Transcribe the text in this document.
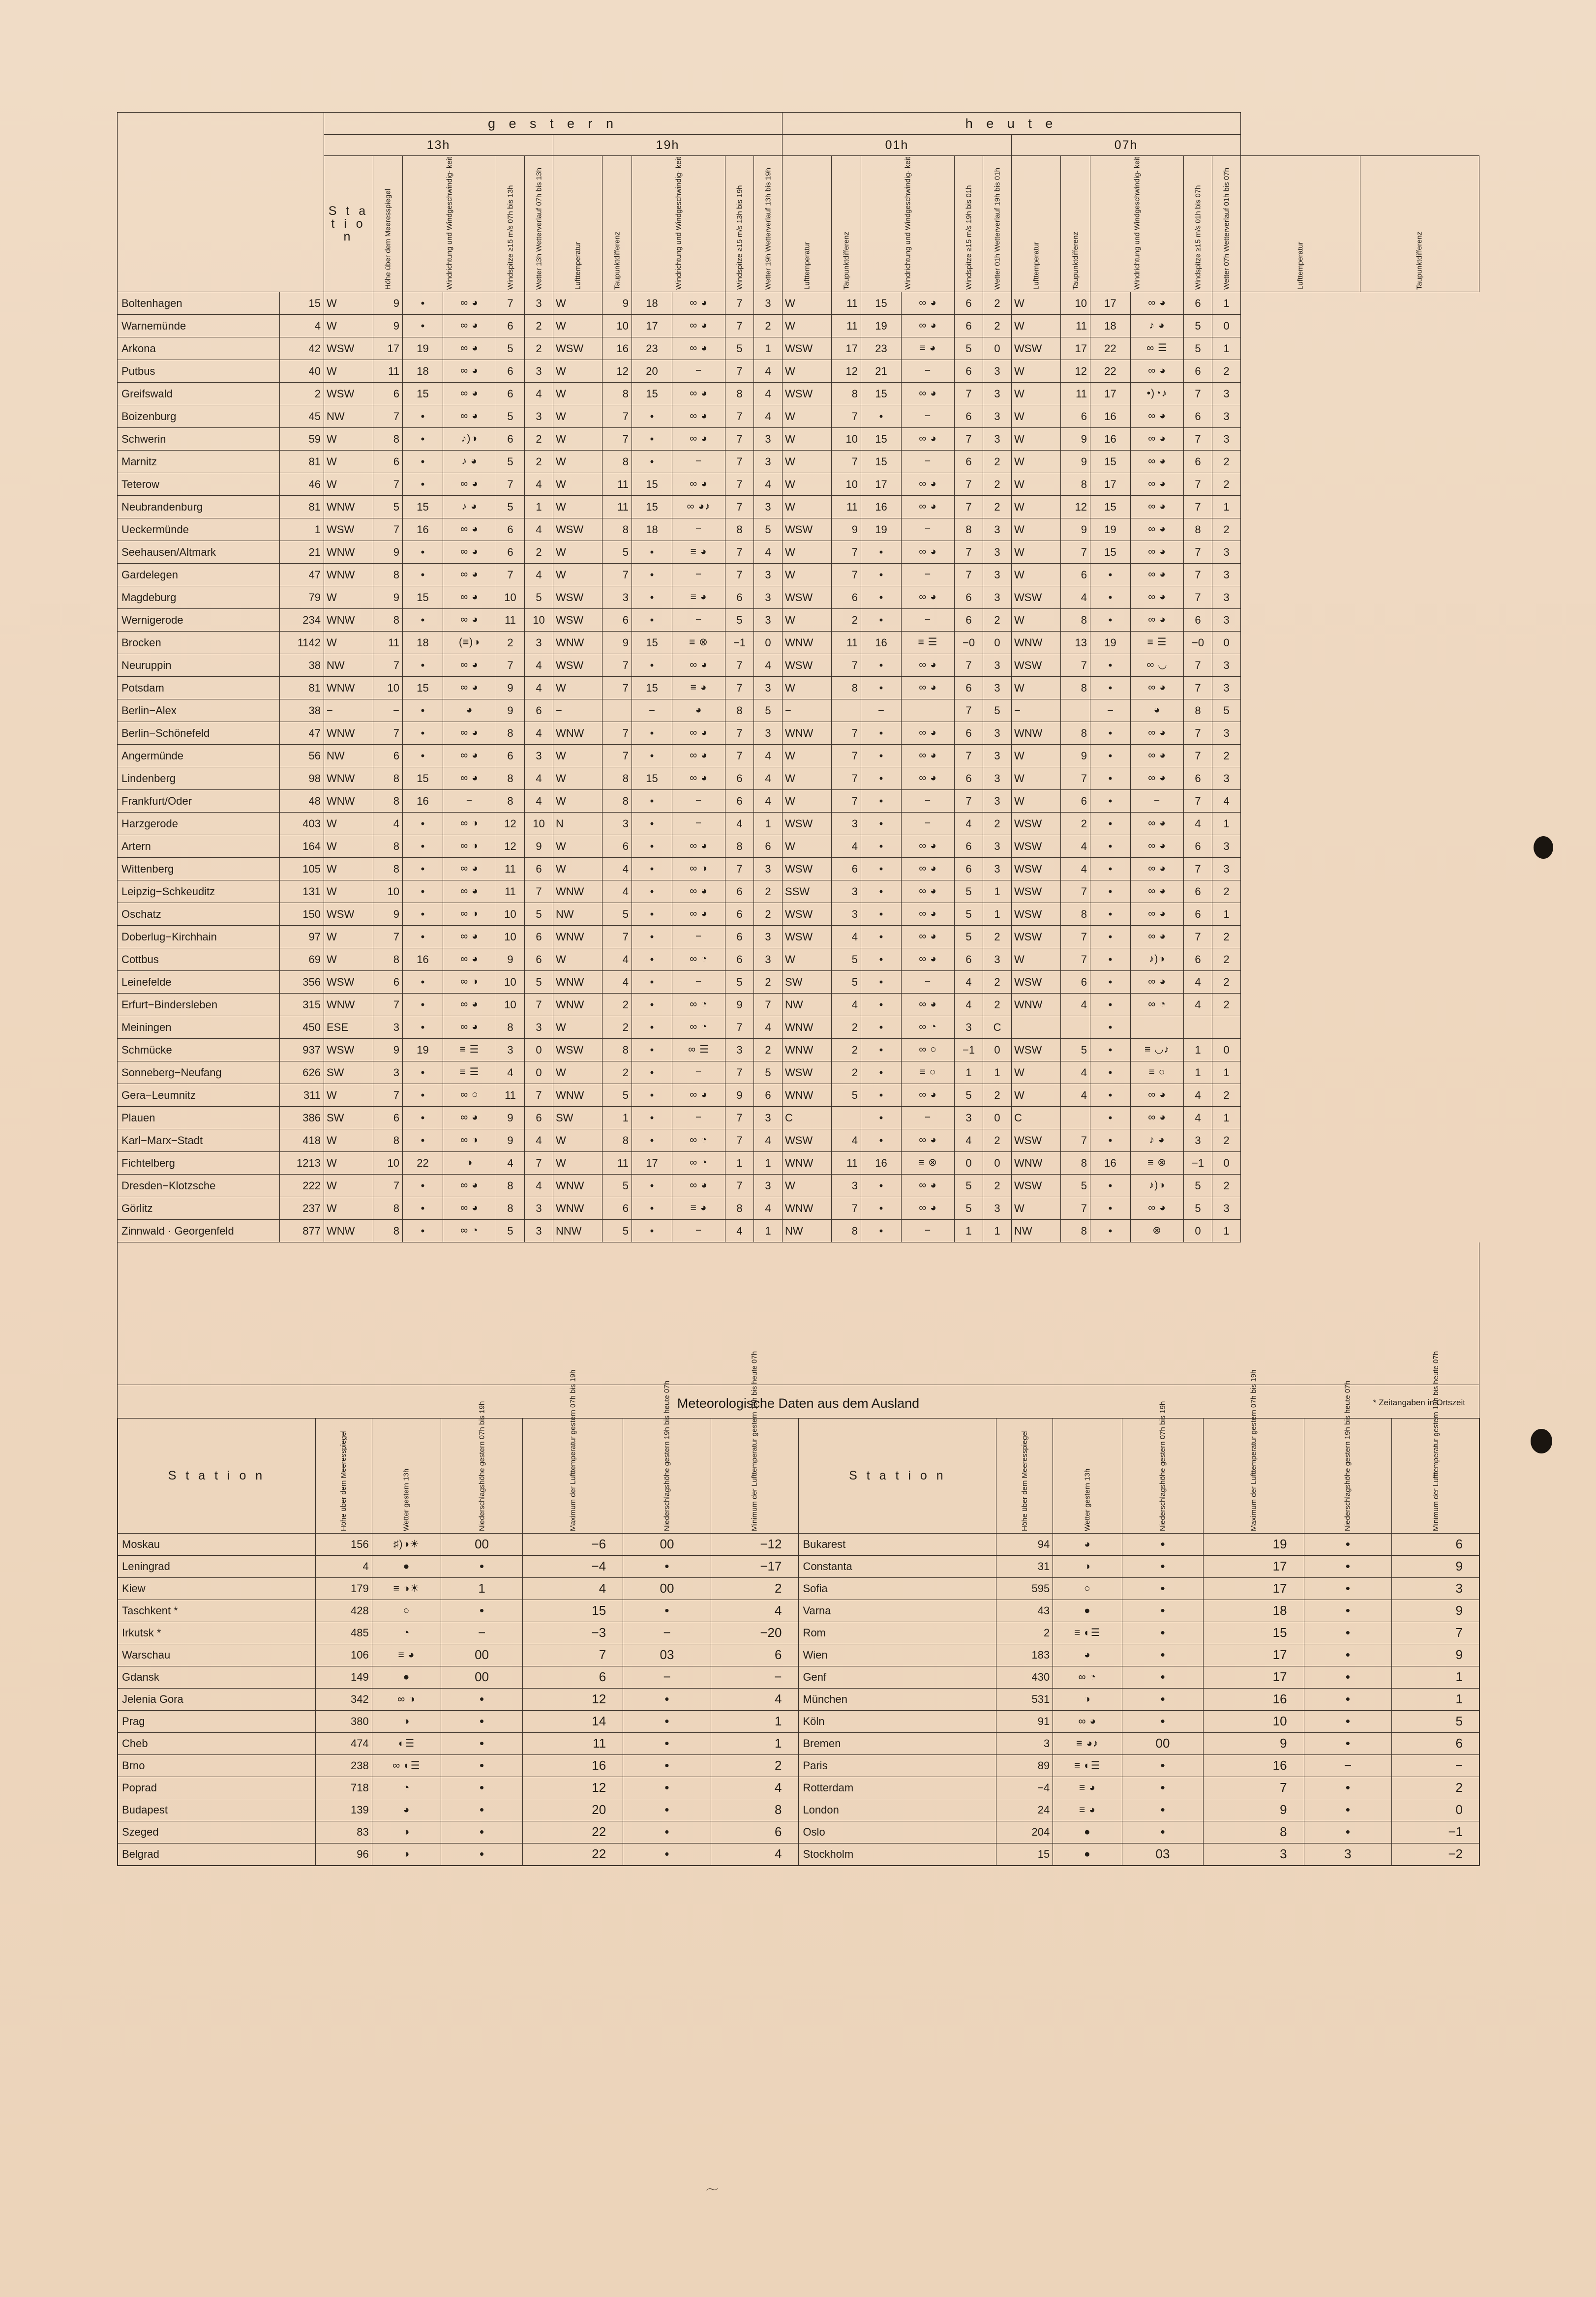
〜
		g e s t e r n												h e u t e													
		13h						19h						01h						07h							
		S t a t i o n	Höhe über dem Meeresspiegel	Windrichtung und Windgeschwindig- keit		Windspitze ≥15 m/s 07h bis 13h	Wetter 13h Wetterverlauf 07h bis 13h	Lufttemperatur	Taupunktdifferenz	Windrichtung und Windgeschwindig- keit		Windspitze ≥15 m/s 13h bis 19h	Wetter 19h Wetterverlauf 13h bis 19h	Lufttemperatur	Taupunktdifferenz	Windrichtung und Windgeschwindig- keit		Windspitze ≥15 m/s 19h bis 01h	Wetter 01h Wetterverlauf 19h bis 01h	Lufttemperatur	Taupunktdifferenz	Windrichtung und Windgeschwindig- keit		Windspitze ≥15 m/s 01h bis 07h	Wetter 07h Wetterverlauf 01h bis 07h	Lufttemperatur	Taupunktdifferenz

Boltenhagen	15	W	9	•	∞ ◕	7	3	W	9	18	∞ ◕	7	3	W	11	15	∞ ◕	6	2	W	10	17	∞ ◕	6	1		
Warnemünde	4	W	9	•	∞ ◕	6	2	W	10	17	∞ ◕	7	2	W	11	19	∞ ◕	6	2	W	11	18	♪ ◕	5	0		
Arkona	42	WSW	17	19	∞ ◕	5	2	WSW	16	23	∞ ◕	5	1	WSW	17	23	≡ ◕	5	0	WSW	17	22	∞ ☰	5	1		
Putbus	40	W	11	18	∞ ◕	6	3	W	12	20	−	7	4	W	12	21	−	6	3	W	12	22	∞ ◕	6	2		
Greifswald	2	WSW	6	15	∞ ◕	6	4	W	8	15	∞ ◕	8	4	WSW	8	15	∞ ◕	7	3	W	11	17	•)◔♪	7	3		
Boizenburg	45	NW	7	•	∞ ◕	5	3	W	7	•	∞ ◕	7	4	W	7	•	−	6	3	W	6	16	∞ ◕	6	3		
Schwerin	59	W	8	•	♪)◑	6	2	W	7	•	∞ ◕	7	3	W	10	15	∞ ◕	7	3	W	9	16	∞ ◕	7	3		
Marnitz	81	W	6	•	♪ ◕	5	2	W	8	•	−	7	3	W	7	15	−	6	2	W	9	15	∞ ◕	6	2		
Teterow	46	W	7	•	∞ ◕	7	4	W	11	15	∞ ◕	7	4	W	10	17	∞ ◕	7	2	W	8	17	∞ ◕	7	2		
Neubrandenburg	81	WNW	5	15	♪ ◕	5	1	W	11	15	∞ ◕♪	7	3	W	11	16	∞ ◕	7	2	W	12	15	∞ ◕	7	1		
Ueckermünde	1	WSW	7	16	∞ ◕	6	4	WSW	8	18	−	8	5	WSW	9	19	−	8	3	W	9	19	∞ ◕	8	2		
Seehausen/Altmark	21	WNW	9	•	∞ ◕	6	2	W	5	•	≡ ◕	7	4	W	7	•	∞ ◕	7	3	W	7	15	∞ ◕	7	3		
Gardelegen	47	WNW	8	•	∞ ◕	7	4	W	7	•	−	7	3	W	7	•	−	7	3	W	6	•	∞ ◕	7	3		
Magdeburg	79	W	9	15	∞ ◕	10	5	WSW	3	•	≡ ◕	6	3	WSW	6	•	∞ ◕	6	3	WSW	4	•	∞ ◕	7	3		
Wernigerode	234	WNW	8	•	∞ ◕	11	10	WSW	6	•	−	5	3	W	2	•	−	6	2	W	8	•	∞ ◕	6	3		
Brocken	1142	W	11	18	(≡)◑	2	3	WNW	9	15	≡ ⊗	−1	0	WNW	11	16	≡ ☰	−0	0	WNW	13	19	≡ ☰	−0	0		
Neuruppin	38	NW	7	•	∞ ◕	7	4	WSW	7	•	∞ ◕	7	4	WSW	7	•	∞ ◕	7	3	WSW	7	•	∞ ◡	7	3		
Potsdam	81	WNW	10	15	∞ ◕	9	4	W	7	15	≡ ◕	7	3	W	8	•	∞ ◕	6	3	W	8	•	∞ ◕	7	3		
Berlin−Alex	38	−	−	•	◕	9	6	−		−	◕	8	5	−		−		7	5	−		−	◕	8	5		
Berlin−Schönefeld	47	WNW	7	•	∞ ◕	8	4	WNW	7	•	∞ ◕	7	3	WNW	7	•	∞ ◕	6	3	WNW	8	•	∞ ◕	7	3		
Angermünde	56	NW	6	•	∞ ◕	6	3	W	7	•	∞ ◕	7	4	W	7	•	∞ ◕	7	3	W	9	•	∞ ◕	7	2		
Lindenberg	98	WNW	8	15	∞ ◕	8	4	W	8	15	∞ ◕	6	4	W	7	•	∞ ◕	6	3	W	7	•	∞ ◕	6	3		
Frankfurt/Oder	48	WNW	8	16	−	8	4	W	8	•	−	6	4	W	7	•	−	7	3	W	6	•	−	7	4		
Harzgerode	403	W	4	•	∞ ◑	12	10	N	3	•	−	4	1	WSW	3	•	−	4	2	WSW	2	•	∞ ◕	4	1		
Artern	164	W	8	•	∞ ◑	12	9	W	6	•	∞ ◕	8	6	W	4	•	∞ ◕	6	3	WSW	4	•	∞ ◕	6	3		
Wittenberg	105	W	8	•	∞ ◕	11	6	W	4	•	∞ ◑	7	3	WSW	6	•	∞ ◕	6	3	WSW	4	•	∞ ◕	7	3		
Leipzig−Schkeuditz	131	W	10	•	∞ ◕	11	7	WNW	4	•	∞ ◕	6	2	SSW	3	•	∞ ◕	5	1	WSW	7	•	∞ ◕	6	2		
Oschatz	150	WSW	9	•	∞ ◑	10	5	NW	5	•	∞ ◕	6	2	WSW	3	•	∞ ◕	5	1	WSW	8	•	∞ ◕	6	1		
Doberlug−Kirchhain	97	W	7	•	∞ ◕	10	6	WNW	7	•	−	6	3	WSW	4	•	∞ ◕	5	2	WSW	7	•	∞ ◕	7	2		
Cottbus	69	W	8	16	∞ ◕	9	6	W	4	•	∞ ◔	6	3	W	5	•	∞ ◕	6	3	W	7	•	♪)◑	6	2		
Leinefelde	356	WSW	6	•	∞ ◑	10	5	WNW	4	•	−	5	2	SW	5	•	−	4	2	WSW	6	•	∞ ◕	4	2		
Erfurt−Bindersleben	315	WNW	7	•	∞ ◕	10	7	WNW	2	•	∞ ◔	9	7	NW	4	•	∞ ◕	4	2	WNW	4	•	∞ ◔	4	2		
Meiningen	450	ESE	3	•	∞ ◕	8	3	W	2	•	∞ ◔	7	4	WNW	2	•	∞ ◔	3	C			•					
Schmücke	937	WSW	9	19	≡ ☰	3	0	WSW	8	•	∞ ☰	3	2	WNW	2	•	∞ ○	−1	0	WSW	5	•	≡ ◡♪	1	0		
Sonneberg−Neufang	626	SW	3	•	≡ ☰	4	0	W	2	•	−	7	5	WSW	2	•	≡ ○	1	1	W	4	•	≡ ○	1	1		
Gera−Leumnitz	311	W	7	•	∞ ○	11	7	WNW	5	•	∞ ◕	9	6	WNW	5	•	∞ ◕	5	2	W	4	•	∞ ◕	4	2		
Plauen	386	SW	6	•	∞ ◕	9	6	SW	1	•	−	7	3	C		•	−	3	0	C		•	∞ ◕	4	1		
Karl−Marx−Stadt	418	W	8	•	∞ ◑	9	4	W	8	•	∞ ◔	7	4	WSW	4	•	∞ ◕	4	2	WSW	7	•	♪ ◕	3	2		
Fichtelberg	1213	W	10	22	◑	4	7	W	11	17	∞ ◔	1	1	WNW	11	16	≡ ⊗	0	0	WNW	8	16	≡ ⊗	−1	0		
Dresden−Klotzsche	222	W	7	•	∞ ◕	8	4	WNW	5	•	∞ ◕	7	3	W	3	•	∞ ◕	5	2	WSW	5	•	♪)◑	5	2		
Görlitz	237	W	8	•	∞ ◕	8	3	WNW	6	•	≡ ◕	8	4	WNW	7	•	∞ ◕	5	3	W	7	•	∞ ◕	5	3		
Zinnwald · Georgenfeld	877	WNW	8	•	∞ ◔	5	3	NNW	5	•	−	4	1	NW	8	•	−	1	1	NW	8	•	⊗	0	1		
Meteorologische Daten aus dem Ausland	* Zeitangaben in Ortszeit
S t a t i o n	Höhe über dem Meeresspiegel	Wetter gestern 13h	Niederschlagshöhe gestern 07h bis 19h	Maximum der Lufttemperatur gestern 07h bis 19h	Niederschlagshöhe gestern 19h bis heute 07h	Minimum der Lufttemperatur gestern 19h bis heute 07h	S t a t i o n	Höhe über dem Meeresspiegel	Wetter gestern 13h	Niederschlagshöhe gestern 07h bis 19h	Maximum der Lufttemperatur gestern 07h bis 19h	Niederschlagshöhe gestern 19h bis heute 07h	Minimum der Lufttemperatur gestern 19h bis heute 07h
Moskau	156	♯)◑☀	00	−6	00	−12	Bukarest	94	◕	•	19	•	6
Leningrad	4	●	•	−4	•	−17	Constanta	31	◑	•	17	•	9
Kiew	179	≡ ◑☀	1	4	00	2	Sofia	595	○	•	17	•	3
Taschkent *	428	○	•	15	•	4	Varna	43	●	•	18	•	9
Irkutsk *	485	◔	−	−3	−	−20	Rom	2	≡ ◐☰	•	15	•	7
Warschau	106	≡ ◕	00	7	03	6	Wien	183	◕	•	17	•	9
Gdansk	149	●	00	6	−	−	Genf	430	∞ ◔	•	17	•	1
Jelenia Gora	342	∞ ◑	•	12	•	4	München	531	◑	•	16	•	1
Prag	380	◑	•	14	•	1	Köln	91	∞ ◕	•	10	•	5
Cheb	474	◐☰	•	11	•	1	Bremen	3	≡ ◕♪	00	9	•	6
Brno	238	∞ ◐☰	•	16	•	2	Paris	89	≡ ◐☰	•	16	−	−
Poprad	718	◔	•	12	•	4	Rotterdam	−4	≡ ◕	•	7	•	2
Budapest	139	◕	•	20	•	8	London	24	≡ ◕	•	9	•	0
Szeged	83	◑	•	22	•	6	Oslo	204	●	•	8	•	−1
Belgrad	96	◑	•	22	•	4	Stockholm	15	●	03	3	3	−2
